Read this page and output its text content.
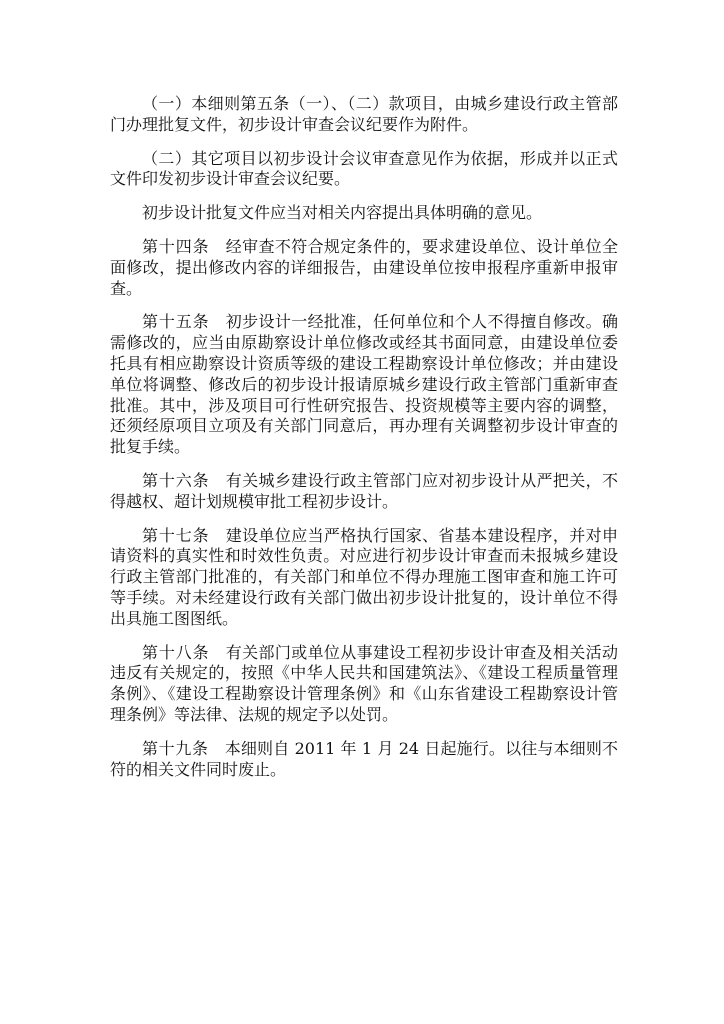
（一）本细则第五条（一）、（二）款项目，由城乡建设行政主管部门办理批复文件，初步设计审查会议纪要作为附件。

（二）其它项目以初步设计会议审查意见作为依据，形成并以正式文件印发初步设计审查会议纪要。

初步设计批复文件应当对相关内容提出具体明确的意见。

第十四条 经审查不符合规定条件的，要求建设单位、设计单位全面修改，提出修改内容的详细报告，由建设单位按申报程序重新申报审查。

第十五条 初步设计一经批准，任何单位和个人不得擅自修改。确需修改的，应当由原勘察设计单位修改或经其书面同意，由建设单位委托具有相应勘察设计资质等级的建设工程勘察设计单位修改；并由建设单位将调整、修改后的初步设计报请原城乡建设行政主管部门重新审查批准。其中，涉及项目可行性研究报告、投资规模等主要内容的调整，还须经原项目立项及有关部门同意后，再办理有关调整初步设计审查的批复手续。

第十六条 有关城乡建设行政主管部门应对初步设计从严把关，不得越权、超计划规模审批工程初步设计。

第十七条 建设单位应当严格执行国家、省基本建设程序，并对申请资料的真实性和时效性负责。对应进行初步设计审查而未报城乡建设行政主管部门批准的，有关部门和单位不得办理施工图审查和施工许可等手续。对未经建设行政有关部门做出初步设计批复的，设计单位不得出具施工图图纸。

第十八条 有关部门或单位从事建设工程初步设计审查及相关活动违反有关规定的，按照《中华人民共和国建筑法》、《建设工程质量管理条例》、《建设工程勘察设计管理条例》和《山东省建设工程勘察设计管理条例》等法律、法规的规定予以处罚。

第十九条 本细则自 2011 年 1 月 24 日起施行。以往与本细则不符的相关文件同时废止。
